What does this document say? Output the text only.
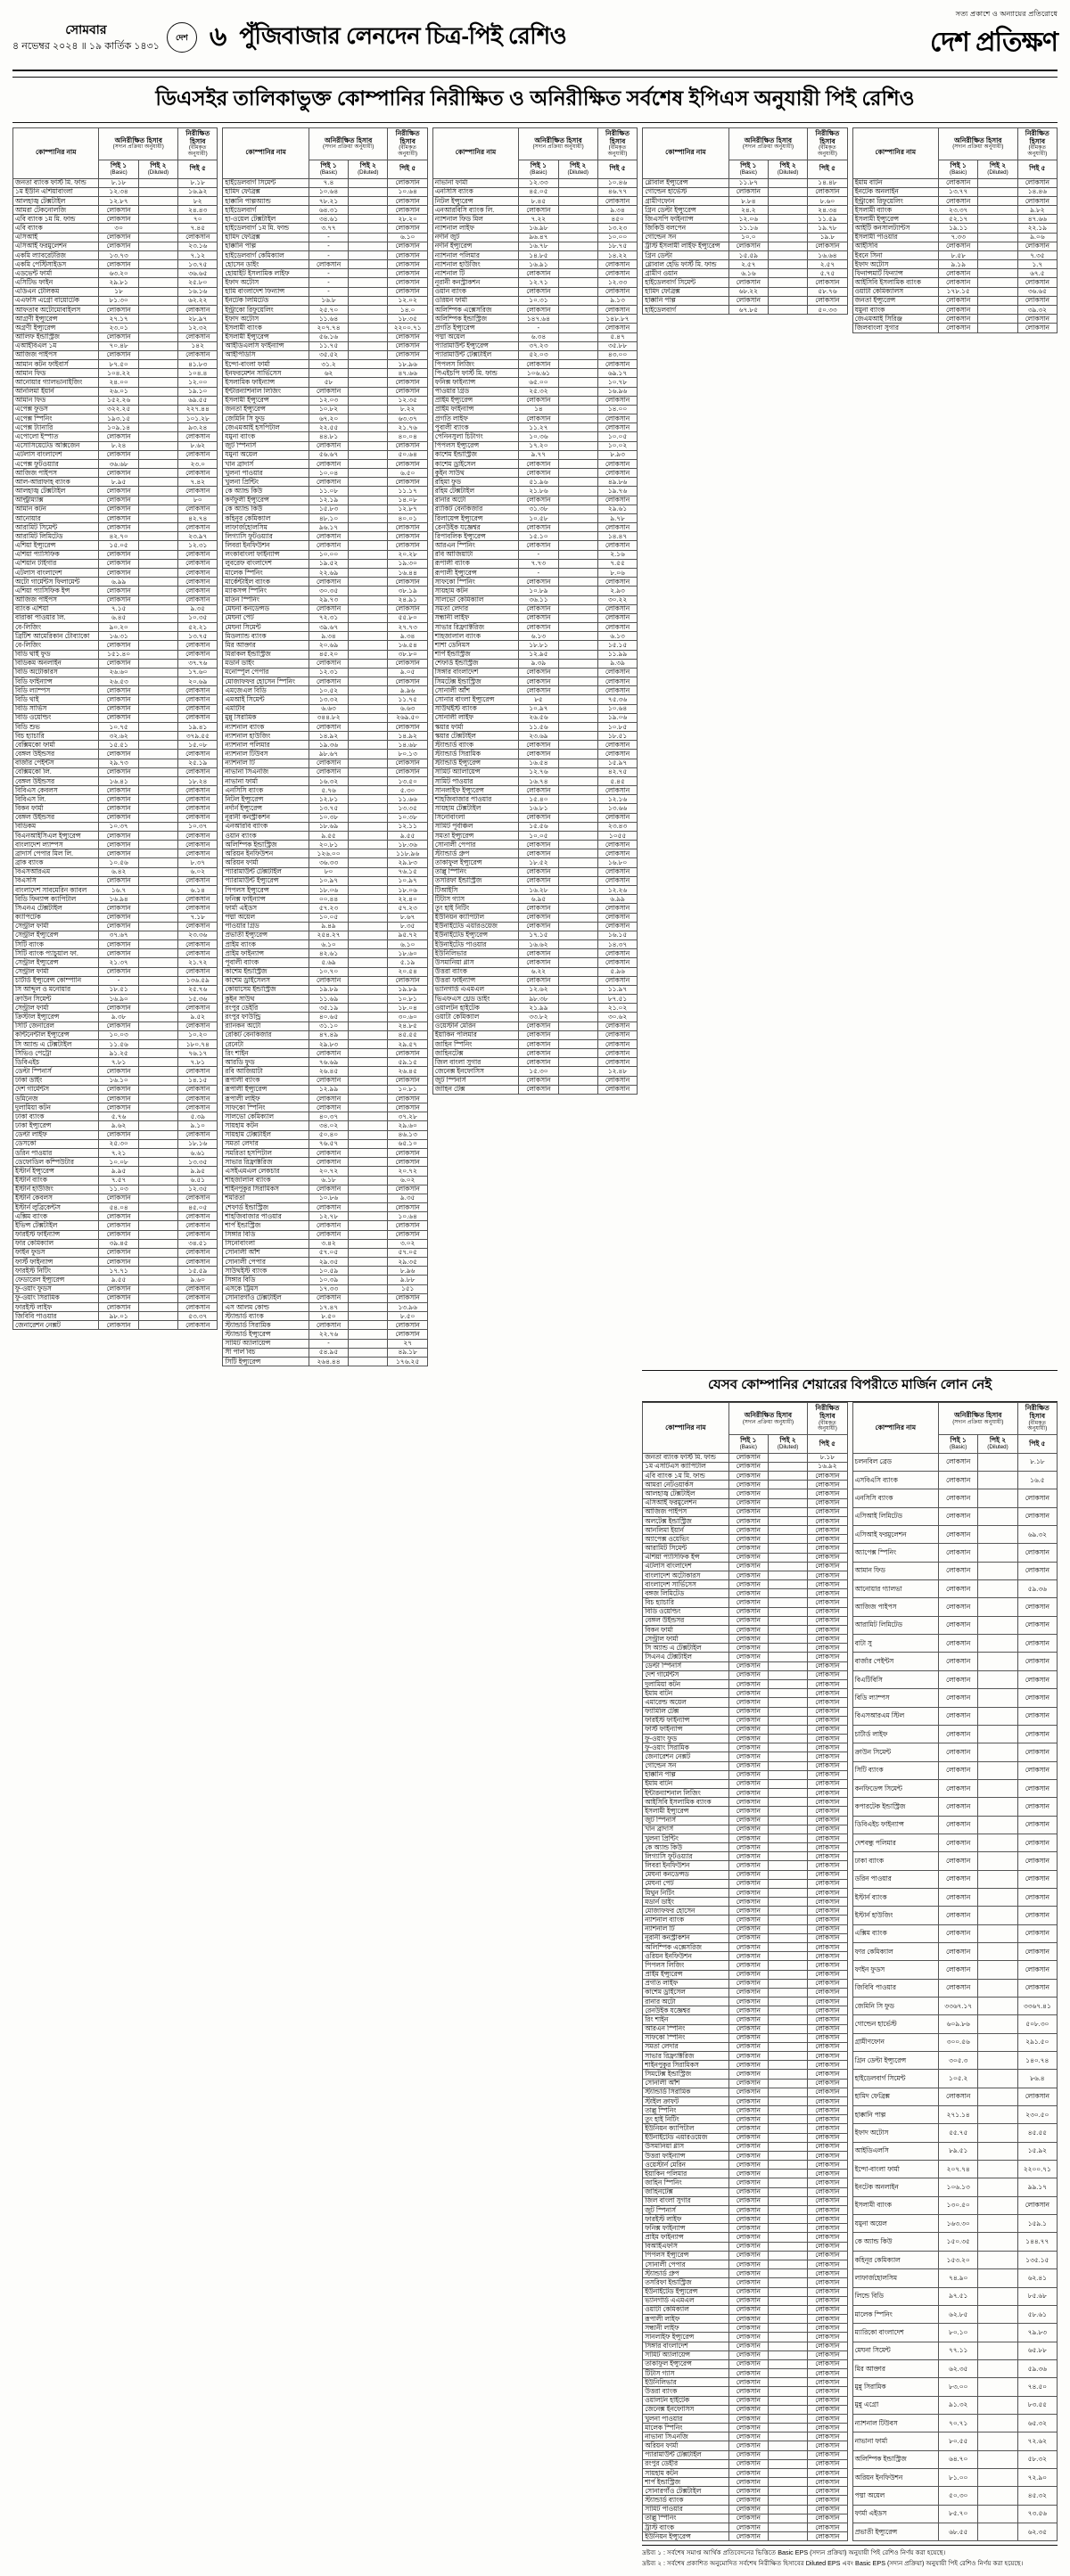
সোমবার
৪ নভেম্বর ২০২৪ ॥ ১৯ কার্তিক ১৪৩১
দেশ ৬ পুঁজিবাজার লেনদেন চিত্র-পিই রেশিও
সত্য প্রকাশে ও অন্যায়ের প্রতিরোধে
দেশ প্রতিক্ষণ
ডিএসইর তালিকাভুক্ত কোম্পানির নিরীক্ষিত ও অনিরীক্ষিত সর্বশেষ ইপিএস অনুযায়ী পিই রেশিও
কোম্পানির নাম	অনিরীক্ষিত হিসাব
(সদ্যন প্রক্রিয়া অনুযায়ী)		নিরীক্ষিত হিসাব
(বীমকৃত অনুযায়ী)

	পিই ১
(Basic)	পিই ২
(Diluted)	পিই ৫
জনতা ব্যাংক ফার্স্ট মি. ফান্ড	৮.১৮		৮.১৮
১ম ইউনি এশিয়াবাংলা	১২.৩৪		১৬.৯২
আলহাজ্ব টেক্সটাইল	১২.৮৭		৮২
আমরা টেকনোলজি	লোকসান		২৪.৪৩
এবি ব্যাংক ১ম মি. ফান্ড	লোকসান		৭০
এবি ব্যাংক	৩০		৭.৪৫
এসিআই	লোকসান		লোকসান
এসিআই ফরমুলেশন	লোকসান		২৩.১৬
একমি ল্যাবরেটরিজ	১৩.৭৩		৭.১২
একমি পেস্টিসাইডস	লোকসান		১৩.৭৫
এডভেন্ট ফার্মা	৬৩.২০		৩৬.৬৫
এসিটিভ ফাইন	২৯.৮১		২৫.৮০
এডিএন টেলিকম	১৮		১৬.১৬
এএফসি এগ্রো বায়োটেক	৮১.৩০		৬২.২২
আফতাব অটোমোবাইলস	লোকসান		লোকসান
আগ্রণী ইন্স্যুরেন্স	২৭.১৭		২৮.৯৭
অগ্রণী ইন্স্যুরেন্স	২৩.০১		১২.৩২
আলিফ ইন্ডাস্ট্রিজ	লোকসান		লোকসান
এআইবিএল ১ম	৭০.৪৮		১৪২
আজিজ পাইপস	লোকসান		লোকসান
আমান কটন ফাইবার্স	৮৭.৫০		৪১.৮৩
আমান ফিড	১০৪.২২		১০৪.৪
আনোয়ার গ্যালভানাইজিং	২৪.০০		১২.০০
আনলিমা ইয়ার্ন	২৬.০১		১৯.১০
আমান ফিড	১৫২.২৬		৬৯.৫৫
এপেক্স ফুডস	৩২২.২৫		২২৭.৪৪
এপেক্স স্পিনিং	১৯৩.১৫		১০১.২৮
এপেক্স ট্যানারি	১০৯.১৪		৯৩.২৪
এপোলো ইস্পাত	লোকসান		লোকসান
এসোসিয়েটেড অক্সিজেন	৮.২৪		৮.৬২
এটলাস বাংলাদেশ	লোকসান		লোকসান
এপেক্স ফুটওয়্যার	৩৬.৬৮		২৩.০
আজিজ পাইপস	লোকসান		লোকসান
আল-আরাফাহ ব্যাংক	৮.৯৫		৭.৪২
আলহাজ্ব টেক্সটাইল	লোকসান		লোকসান
আল্ট্রাম্যাক্স	লোকসান		৮০
আমান কটন	লোকসান		লোকসান
আনোয়ার	লোকসান		৪২.৭৪
আরামিট সিমেন্ট	লোকসান		লোকসান
আরামিট লিমিটেড	৪২.৭০		২৩.৯৭
এশিয়া ইন্স্যুরেন্স	১৫.০৫		১২.৩১
এশিয়া প্যাসিফিক	লোকসান		লোকসান
এশিয়ান টাইগার	লোকসান		লোকসান
এটলাস বাংলাদেশ	লোকসান		লোকসান
অটো গার্মেন্টস ফিলামেন্ট	৬.৯৯		লোকসান
এশিয়া প্যাসিফিক ইন্স	লোকসান		লোকসান
আজিজ পাইপস	লোকসান		লোকসান
ব্যাংক এশিয়া	৭.১৫		৯.৩৫
বারাকা পাওয়ার লি.	৬.৪৫		১০.৩৫
বে-লিজিং	৯০.২০		৫২.২১
ব্রিটিশ আমেরিকান টোব্যাকো	১৬.৩১		১৩.৭৫
বে-লিজিং	লোকসান		লোকসান
বিডি থাই ফুড	১৫১.৪০		লোকসান
বিডিকম অনলাইন	লোকসান		৩৭.৭৬
বিডি অটোকারস	২৬.৬০		১৭.৬০
বিডি ফাইন্যান্স	২৬.৫৩		২০.৬৯
বিডি ল্যাম্পস	লোকসান		লোকসান
বিডি থাই	লোকসান		লোকসান
বিডি সার্ভিস	লোকসান		লোকসান
বিডি ওয়েল্ডিং	লোকসান		লোকসান
বিডি শুভ	১০.৭৫		১৯.৪১
বিচ হ্যাচারি	৩২.৬২		৩৭৯.৫৫
বেক্সিমকো ফার্মা	১৫.৫১		১৫.০৮
বেঙ্গল উইন্ডসর	লোকসান		লোকসান
বার্জার পেইন্টস	২৯.৭৩		২৫.১৯
বেক্সিমকো লি.	লোকসান		লোকসান
বেঙ্গল উইন্ডসর	১৬.৪১		১৮.২৪
বিবিএস কেবলস	লোকসান		লোকসান
বিবিএস লি.	লোকসান		লোকসান
বিকন ফার্মা	লোকসান		লোকসান
বেঙ্গল উইন্ডসর	লোকসান		লোকসান
বিডিকম	১০.৩৭		১০.৩৭
বিএনআইসিএল ইন্স্যুরেন্স	লোকসান		লোকসান
বাংলাদেশ ল্যাম্পস	লোকসান		লোকসান
ব্রাদার্স পেপার মিল লি.	লোকসান		লোকসান
ব্রাক ব্যাংক	১০.৫৬		৮.৩৭
বিএসআরএম	৬.৪২		৬.০২
বিএসসি	লোকসান		লোকসান
বাংলাদেশ সাবমেরিন ক্যাবল	১৬.৭		৬.১৪
বিডি ফিন্যান্স ক্যাপিটাল	১৬.৯৪		লোকসান
সিএনএ টেক্সটাইল	লোকসান		লোকসান
ক্যাপিটেক	লোকসান		৭.১৮
সেন্ট্রাল ফার্মা	লোকসান		লোকসান
সেন্ট্রাল ইন্স্যুরেন্স	৩৭.৬৭		২৩.৩৬
সিটি ব্যাংক	লোকসান		লোকসান
সিটি ব্যাংক প্যাচুয়াল ফা.	লোকসান		লোকসান
সেন্ট্রাল ইন্স্যুরেন্স	২১.৩৭		২১.৭২
সেন্ট্রাল ফার্মা	লোকসান		লোকসান
চার্টার্ড ইন্স্যুরেন্স কোম্পানি	-		১৩৬.৫৯
সি আব্দুল ও মনোয়ার	১৮.৫১		২৫.৭৬
ক্রাউন সিমেন্ট	১৬.৯০		১৫.৩৬
সেন্ট্রাল ফার্মা	লোকসান		লোকসান
ক্রিস্টাল ইন্স্যুরেন্স	৯.৩৮		৯.৫২
সিটি জেনারেল	লোকসান		লোকসান
কন্টিনেন্টাল ইন্স্যুরেন্স	১০.০৩		১০.২০
সি অ্যান্ড এ টেক্সটাইল	১১.৫৬		১৮০.৭৪
সিভিও পেট্রো	৯১.২৫		৭৬.১৭
ডিবিএইচ	৭.৮১		৭.৮১
ডেল্টা স্পিনার্স	লোকসান		লোকসান
ঢাকা ডাইং	১৬.১০		১৪.১৫
দেশ গার্মেন্টস	লোকসান		লোকসান
ডমিনেজ	লোকসান		লোকসান
দুলামিয়া কটন	লোকসান		লোকসান
ঢাকা ব্যাংক	৫.৭৬		৫.৩৯
ঢাকা ইন্স্যুরেন্স	৯.৬২		৯.১০
ডেল্টা লাইফ	লোকসান		লোকসান
ডেসকো	২৫.৩০		১৮.১৬
ডরিন পাওয়ার	৭.২১		৬.৬১
ডেফোডিল কম্পিউটার	১০.০৮		১৩.৩৫
ইস্টার্ন ইন্স্যুরেন্স	৯.৯৫		৯.৯৫
ইস্টার্ন ব্যাংক	৭.৫৭		৬.৫১
ইস্টার্ন হাউজিং	১১.০৩		১২.৩৫
ইস্টার্ন কেবলস	লোকসান		লোকসান
ইস্টার্ন লুব্রিকেন্টস	৫৪.০৪		৪৫.০৫
এক্সিম ব্যাংক	লোকসান		লোকসান
ইভিন্স টেক্সটাইল	লোকসান		লোকসান
ফারইস্ট ফাইন্যান্স	লোকসান		লোকসান
ফার কেমিক্যাল	৩৯.৪৫		৩৪.৫১
ফাইন ফুডস	লোকসান		লোকসান
ফার্স্ট ফাইন্যান্স	লোকসান		লোকসান
ফারইস্ট নিটিং	১৭.৭১		১৫.৫৯
ফেডারেল ইন্স্যুরেন্স	৯.৫৫		৯.৬০
ফু-ওয়াং ফুডস	লোকসান		লোকসান
ফু-ওয়াং সিরামিক	লোকসান		লোকসান
ফারইস্ট লাইফ	লোকসান		লোকসান
জিবিবি পাওয়ার	৯৮.০১		৫৩.৩৭
জেনারেশন নেক্সট	লোকসান		লোকসান
কোম্পানির নাম	অনিরীক্ষিত হিসাব
(সদ্যন প্রক্রিয়া অনুযায়ী)		নিরীক্ষিত হিসাব
(বীমকৃত অনুযায়ী)

	পিই ১
(Basic)	পিই ২
(Diluted)	পিই ৫
হাইডেলবার্গ সিমেন্ট	৭.৪		লোকসান
হামিদ ফেব্রিক্স	১০.৬৪		১০.৬৪
হাক্কানি পাল্পঅ্যান্ড	৭৮.২১		লোকসান
হাইডেলবার্গ	৬৪.৩১		লোকসান
হা-ওয়েল টেক্সটাইল	৩৪.৬১		২৮.২০
হাইডেলবার্গ ১ম মি. ফান্ড	৩.৭৭		লোকসান
হামিদ ফেব্রিক্স	-		৬.১০
হাক্কানি পাল্প	-		লোকসান
হাইডেলবার্গ কেমিক্যাল	-		লোকসান
হোসেন ডাইং	লোকসান		লোকসান
হোয়াইট ইসলামিক লাইফ	-		লোকসান
ইফাদ অটোস	-		লোকসান
হামি বাংলাদেশ ফিন্যান্স	-		লোকসান
ইনটেক লিমিটেড	১৬.৮		১২.০২
ইন্ট্রাকো রিফুয়েলিং	২৫.৭০		১৪.০
ইফাদ অটোস	১১.৬৪		১৮.৩৫
ইসলামী ব্যাংক	২০৭.৭৪		২২০০.৭১
ইসলামী ইন্স্যুরেন্স	৫৬.১৬		লোকসান
আইডিএলসি ফাইন্যান্স	১১.৭৫		লোকসান
আইপিডিসি	৩৫.৫২		লোকসান
ইন্দো-বাংলা ফার্মা	৩১.২		১৮.৯৬
ইনফরমেশন সার্ভিসেস	৬২		৪৭.৬৬
ইসলামিক ফাইন্যান্স	৫৮		লোকসান
ইন্টারন্যাশনাল লিজিং	লোকসান		লোকসান
ইসলামী ইন্স্যুরেন্স	১২.০৩		১২.৩৫
জনতা ইন্স্যুরেন্স	১০.৮২		৮.২২
জেমিনি সি ফুড	৬৭.২০		৬৩.৩৭
জেএমআই হসপিটাল	২২.৫৫		২১.৭৬
যমুনা ব্যাংক	৪৪.৮১		৪০.০৪
জুট স্পিনার্স	লোকসান		লোকসান
যমুনা অয়েল	৫৬.৬৭		৫০.৬৪
খান ব্রাদার্স	লোকসান		লোকসান
খুলনা পাওয়ার	১০.০৪		৬.৫০
খুলনা প্রিন্টিং	লোকসান		লোকসান
কে অ্যান্ড কিউ	১১.০৮		১১.১৭
কর্ণফুলী ইন্স্যুরেন্স	১২.১৯		১৪.০৮
কে অ্যান্ড কিউ	১৫.৮৩		১২.৮৭
কহিনূর কেমিক্যাল	৪৮.১০		৪০.০১
লাফার্জহোলসিম	৯৬.১৭		লোকসান
লিগ্যাসি ফুটওয়্যার	লোকসান		লোকসান
লিবরা ইনফিউশন	লোকসান		লোকসান
লংকাবাংলা ফাইন্যান্স	১০.০০		২০.২৮
লুবরেফ বাংলাদেশ	১৯.৫২		১৯.৩০
মালেক স্পিনিং	২২.৬৯		১৬.৪৪
মার্কেন্টাইল ব্যাংক	লোকসান		লোকসান
ম্যাকসন্স স্পিনিং	৩০.৩৫		৩৮.১৯
মতিন স্পিনিং	২৯.৭৩		২৪.৯১
মেঘনা কনডেন্সড	লোকসান		লোকসান
মেঘনা পেট	৭২.৩১		৫৫.৮০
মেঘনা সিমেন্ট	৩৯.৬৭		২৭.৭৩
মিডল্যান্ড ব্যাংক	৯.৩৪		৯.৩৪
মির আক্তার	২০.৬৯		১৬.৫৪
মিরাকল ইন্ডাস্ট্রিজ	৪৫.২০		৩৮.৮০
মডার্ন ডাইং	লোকসান		লোকসান
মনোস্পুল পেপার	১২.৩১		৯.০৫
মোজাফফর হোসেন স্পিনিং	লোকসান		লোকসান
এমজেএল বিডি	১০.৫২		৯.৯৬
এমআই সিমেন্ট	১৩.৩২		১১.৭৫
এমটিবি	৬.৬৩		৬.৬৩
মুন্নু সিরামিক	৩৪৪.৮২		২৬৯.৫০
ন্যাশনাল ব্যাংক	লোকসান		লোকসান
ন্যাশনাল হাউজিং	১৪.৯২		১৪.৯২
ন্যাশনাল পলিমার	১৯.৩৬		১৪.৬৮
ন্যাশনাল টিউবস	৯৮.৬৭		৮০.১৩
ন্যাশনাল টি	লোকসান		লোকসান
নাভানা সিএনজি	লোকসান		লোকসান
নাভানা ফার্মা	১৬.৩২		১৩.৫০
এনসিসি ব্যাংক	৫.৭৬		৫.৩০
নিটল ইন্স্যুরেন্স	১২.৮১		১১.৬৬
নর্দার্ন ইন্স্যুরেন্স	১৩.৭৫		১৩.৩৫
নূরানী কনস্ট্রাকশন	১০.৩৮		১০.৩৮
এনআরবি ব্যাংক	১৮.৬৯		১২.১১
ওয়ান ব্যাংক	৯.৫৫		৯.৫৫
অলিম্পিক ইন্ডাস্ট্রিজ	২০.৮১		১৮.৩৬
অরিয়ন ইনফিউশন	১২৬.০০		১১৮.৯৬
অরিয়ন ফার্মা	৩৬.৩৩		২৯.৮৩
প্যারামাউন্ট টেক্সটাইল	৮০		৭৬.১৫
প্যারামাউন্ট ইন্স্যুরেন্স	১০.৯৭		১০.৯৭
পিপলস ইন্স্যুরেন্স	১৮.০৬		১৮.০৬
ফনিক্স ফাইন্যান্স	০০.৪৪		২২.৪০
ফার্মা এইডস	৫৭.২৩		৫৭.২৩
পদ্মা অয়েল	১০.০৫		৮.৬৭
পাওয়ার গ্রিড	৯.৪৯		৮.৩৫
প্রভাতী ইন্স্যুরেন্স	২৫৪.২৭		৯৫.৭২
প্রাইম ব্যাংক	৬.১০		৬.১০
প্রাইম ফাইন্যান্স	৪২.৬১		১৮.৬০
পূবালী ব্যাংক	৫.৬৯		৫.১৯
কাশেম ইন্ডাস্ট্রিজ	১০.৭০		২০.৫৪
কাশেম ড্রাইসেলস	লোকসান		লোকসান
কোয়াসেম ইন্ডাস্ট্রিজ	১৯.৮৯		১৯.৮৯
কুইন সাউথ	১১.৬৯		১০.৮১
রংপুর ডেইরি	৩৫.১৯		১৮.০৪
রংপুর ফাউন্ড্রি	৪০.৬৫		৩০.৬০
র‍্যানকন অটো	৩১.১০		২৪.৮৫
রেকিট বেনকিজার	৪৭.৪৯		৪৫.৫৫
রেনেটা	২৯.৮৩		২৯.৫৭
রিং শাইন	লোকসান		লোকসান
আরডি ফুড	৭৬.৬৯		৫৯.১৫
রবি আজিয়াটা	২৬.৪৫		২৬.৪৫
রূপালী ব্যাংক	লোকসান		লোকসান
রূপালী ইন্স্যুরেন্স	১২.৯৯		১০.৮১
রূপালী লাইফ	লোকসান		লোকসান
সাফকো স্পিনিং	লোকসান		লোকসান
সালভো কেমিক্যাল	৪০.৩৭		৩৭.২৮
সায়হাম কটন	৩৪.০২		২৯.৬০
সায়হাম টেক্সটাইল	৫০.৪০		৪৬.১৩
সমতা লেদার	৭৬.৫৭		৬৫.১০
সমরিতা হসপিটাল	লোকসান		লোকসান
সাভার রিফ্রাক্টরিজ	লোকসান		লোকসান
এসইএমএল লেকচার	২০.৭২		২০.৭২
শাহজালাল ব্যাংক	৬.১৮		৬.০২
শাইনপুকুর সিরামিকস	লোকসান		লোকসান
শমরিতা	১০.৮৬		৯.৩৫
শেফার্ড ইন্ডাস্ট্রিজ	লোকসান		লোকসান
শাহজিবাজার পাওয়ার	১২.৭৮		১০.৬৪
শার্প ইন্ডাস্ট্রিজ	লোকসান		লোকসান
সিঙ্গার বিডি	লোকসান		লোকসান
সিনোবাংলা	৩.৪২		৩.০২
সোনালী আঁশ	৫৭.০৫		৫৭.০৫
সোনালী পেপার	২৯.৩৫		২৯.৩৫
সাউথইস্ট ব্যাংক	১০.৫৯		৮.৯৬
সিঙ্গার বিডি	১০.৩৯		৯.৮৮
এসকে ট্রিমস	১৭.৩৩		১৫১
সোনারগাঁও টেক্সটাইল	লোকসান		লোকসান
এস আলম কোল্ড	১৭.৪৭		১৩.৯৬
স্ট্যান্ডার্ড ব্যাংক	৮.৫০		৮.৫০
স্ট্যান্ডার্ড সিরামিক	লোকসান		লোকসান
স্ট্যান্ডার্ড ইন্স্যুরেন্স	২২.৭৬		লোকসান
সামিট অ্যালায়েন্স	-		২৭
সী পার্ল বিচ	৫৪.৯৫		৪৯.১৮
সিটি ইন্স্যুরেন্স	২৬৪.৪৪		১৭৬.২৫
কোম্পানির নাম	অনিরীক্ষিত হিসাব
(সদ্যন প্রক্রিয়া অনুযায়ী)		নিরীক্ষিত হিসাব
(বীমকৃত অনুযায়ী)

	পিই ১
(Basic)	পিই ২
(Diluted)	পিই ৫
নাভানা ফার্মা	১২.৩৩		১০.৪৬
এনসিসি ব্যাংক	৪৫.০৫		৪৬.৭৭
নিটল ইন্স্যুরেন্স	৮.৪৫		লোকসান
এনআরবিসি ব্যাংক লি.	লোকসান		৯.৩৪
ন্যাশনাল ফিড মিল	৭.২২		৪৫০
ন্যাশনাল লাইফ	১৬.৯৮		১৩.২৩
নর্দার্ন জুট	৯৬.৪৭		১০.০০
নর্দার্ন ইন্স্যুরেন্স	১৬.৭৮		১৮.৭৫
ন্যাশনাল পলিমার	১৪.৮৫		১৪.২২
ন্যাশনাল হাউজিং	১৬.৯১		লোকসান
ন্যাশনাল টি	লোকসান		লোকসান
নূরানী কনস্ট্রাকশন	১২.৭১		১২.৩৩
ওয়ান ব্যাংক	লোকসান		লোকসান
ওরিয়ন ফার্মা	১০.৩১		৯.১৩
অলিম্পিক এক্সেসরিজ	লোকসান		লোকসান
অলিম্পিক ইন্ডাস্ট্রিজ	১৪৭.৬৪		১৪৮.৮৭
প্রগতি ইন্স্যুরেন্স	-		লোকসান
পদ্মা অয়েল	৬.৩৪		৫.৪৭
প্যারামাউন্ট ইন্স্যুরেন্স	৩৭.২৩		৩৫.৮৮
প্যারামাউন্ট টেক্সটাইল	৫২.০৩		৪৩.০০
পিপলস লিজিং	লোকসান		লোকসান
পিএইচপি ফার্স্ট মি. ফান্ড	১০৬.৬১		৬৯.১৭
ফনিক্স ফাইন্যান্স	৬৫.০০		১০.৭৮
পাওয়ার গ্রিড	২৫.৩২		১৬.৯৬
প্রাইম ইন্স্যুরেন্স	লোকসান		লোকসান
প্রাইম ফাইন্যান্স	১৪		১৪.০০
প্রগতি লাইফ	লোকসান		লোকসান
পূবালী ব্যাংক	১১.২৭		লোকসান
পেনিনসুলা চিটাগং	১০.৩৬		১০.০৫
পিপলস ইন্স্যুরেন্স	১৭.২০		১০.০২
কাশেম ইন্ডাস্ট্রিজ	৯.৭৭		৮.৯৩
কাশেম ড্রাইসেল	লোকসান		লোকসান
কুইন সাউথ	লোকসান		লোকসান
রহিমা ফুড	৫১.৯৬		৪৯.৮৬
রহিম টেক্সটাইল	২১.৮৬		১৯.৭৬
রানার অটো	লোকসান		লোকসান
র‍্যাকিট বেনকিজার	৩১.৩৮		২৯.৬১
রিলায়েন্স ইন্স্যুরেন্স	১০.৫৮		৯.৭৮
রেনউইক যজ্ঞেশ্বর	লোকসান		লোকসান
রিপাবলিক ইন্স্যুরেন্স	১৫.১০		১৪.৪৭
আরএন স্পিনিং	লোকসান		লোকসান
রবি আজিয়াটা	-		২.১৬
রূপালী ব্যাংক	৭.৭৩		৭.৫৫
রূপালী ইন্স্যুরেন্স	-		৮.০৬
সাফকো স্পিনিং	লোকসান		লোকসান
সায়হাম কটন	১০.৮৯		২.৯৩
সালভো কেমিক্যাল	৩৬.১১		৩০.২২
সমতা লেদার	লোকসান		লোকসান
সন্ধানী লাইফ	লোকসান		লোকসান
সাভার রিফ্র্যাক্টরিজ	লোকসান		লোকসান
শাহজালাল ব্যাংক	৬.১৩		৬.১৩
শাশা ডেনিমস	১৮.৮১		১৫.১৫
শার্প ইন্ডাস্ট্রিজ	১২.৯৫		১১.৯৯
শেফার্ড ইন্ডাস্ট্রিজ	৯.৩৯		৯.৩৯
সিঙ্গার বাংলাদেশ	লোকসান		লোকসান
সিমটেক্স ইন্ডাস্ট্রিজ	লোকসান		লোকসান
সোনালী আঁশ	লোকসান		লোকসান
সোনার বাংলা ইন্স্যুরেন্স	৮৫		৭৫.৩৬
সাউথইস্ট ব্যাংক	১০.৯৭		১০.৬৪
সোনালী লাইফ	২৬.৫৬		১৯.০৬
স্কয়ার ফার্মা	১১.৫৬		১০.৮৫
স্কয়ার টেক্সটাইল	২৩.৬৯		১৮.৫১
স্ট্যান্ডার্ড ব্যাংক	লোকসান		লোকসান
স্ট্যান্ডার্ড সিরামিক	লোকসান		লোকসান
স্ট্যান্ডার্ড ইন্স্যুরেন্স	১৬.৫৪		১৫.৯৭
সামিট অ্যালায়েন্স	১২.৭৬		৪২.৭৫
সামিট পাওয়ার	১৬.৭৪		৫.৪৫
সানলাইফ ইন্স্যুরেন্স	লোকসান		লোকসান
শাহজিবাজার পাওয়ার	১৫.৪০		১২.১৬
সায়হাম টেক্সটাইল	১৬.৮১		১৩.৬৬
সিনোবাংলা	লোকসান		লোকসান
সামিট পূর্বাঞ্চল	১৫.৫৬		২৩.৪৩
সমতা ইন্স্যুরেন্স	১০.০৫		১০৫৫
সোনালী পেপার	লোকসান		লোকসান
স্ট্যান্ডার্ড গ্রুপ	লোকসান		লোকসান
তাকাফুল ইন্স্যুরেন্স	১৮.৫২		১৬.৮০
তাল্লু স্পিনিং	লোকসান		লোকসান
তসরিফা ইন্ডাস্ট্রিজ	লোকসান		লোকসান
টিআইসি	১৬.২৮		১২.২৬
টিটাস গ্যাস	৬.৯৫		৬.৯৯
তুং হাই নিটিং	লোকসান		লোকসান
ইউনিয়ন ক্যাপিটাল	লোকসান		লোকসান
ইউনাইটেড এয়ারওয়েজ	লোকসান		লোকসান
ইউনাইটেড ইন্স্যুরেন্স	১৭.১৫		১৬.১৫
ইউনাইটেড পাওয়ার	১৬.৬২		১৪.৩৭
ইউনিলিভার	লোকসান		লোকসান
উসমানিয়া গ্লাস	লোকসান		লোকসান
উত্তরা ব্যাংক	৬.২২		৫.৯৬
উত্তরা ফাইন্যান্স	লোকসান		লোকসান
ভ্যানগার্ড এএমএল	১২.৬২		১১.৯৭
ভিএফএস থ্রেড ডাইং	৯৮.৩৮		৮৭.৫১
ওয়ালটন হাইটেক	২১.৯৯		২১.০২
ওয়াটা কেমিক্যাল	৩৩.৮২		৩০.৬২
ওয়েস্টার্ন মেরিন	লোকসান		লোকসান
ইয়াকিন পলিমার	লোকসান		লোকসান
জাহিন স্পিনিং	লোকসান		লোকসান
জাহিনটেক্স	লোকসান		লোকসান
জিল বাংলা সুগার	লোকসান		লোকসান
জেনেক্স ইনফোসিস	১৫.৩০		১২.৪৮
জুট স্পিনার্স	লোকসান		লোকসান
জাহিন টেক্স	লোকসান		লোকসান
কোম্পানির নাম	অনিরীক্ষিত হিসাব
(সদ্যন প্রক্রিয়া অনুযায়ী)		নিরীক্ষিত হিসাব
(বীমকৃত অনুযায়ী)

	পিই ১
(Basic)	পিই ২
(Diluted)	পিই ৫
গ্লোবাল ইন্স্যুরেন্স	১১.৮৭		১৪.৪৮
গোল্ডেন হার্ভেস্ট	লোকসান		লোকসান
গ্রামীণফোন	৮.৮৪		৮.৬০
গ্রিন ডেল্টা ইন্স্যুরেন্স	২৪.২		২৪.৩৪
জিএসপি ফাইন্যান্স	১২.০৬		১১.৫৯
জিকিউ বলপেন	১১.১৬		১৯.৭৮
গোল্ডেন সন	১০.০		১৯.৮
ট্রাস্ট ইসলামী লাইফ ইন্স্যুরেন্স	লোকসান		লোকসান
গ্রিন ডেল্টা	১৫.৫৯		১৬.৬৪
গ্লোবাল হেভি ফার্স্ট মি. ফান্ড	২.৫৭		২.৫৭
গ্রামীণ ওয়ান	৬.১৬		৫.৭৫
হাইডেলবার্গ সিমেন্ট	লোকসান		লোকসান
হামিদ ফেব্রিক্স	৬৮.২২		৫৮.৭৬
হাক্কানি পাল্প	লোকসান		লোকসান
হাইডেলবার্গ	৬৭.৮৫		৫০.৩৩
কোম্পানির নাম	অনিরীক্ষিত হিসাব
(সদ্যন প্রক্রিয়া অনুযায়ী)		নিরীক্ষিত হিসাব
(বীমকৃত অনুযায়ী)

	পিই ১
(Basic)	পিই ২
(Diluted)	পিই ৫
ইমাম বাটন	লোকসান		লোকসান
ইনটেক অনলাইন	১৩.৭৭		১৪.৪৬
ইন্ট্রাকো রিফুয়েলিং	লোকসান		লোকসান
ইসলামী ব্যাংক	২৩.৩৭		৯.৮২
ইসলামী ইন্স্যুরেন্স	৫২.১৭		৪৭.৬৬
আইটি কনসালট্যান্টস	১৯.১১		২২.১৯
ইসলামী পাওয়ার	৭.৩৩		৯.০৬
আইসিবি	লোকসান		লোকসান
ইবনে সিনা	৮.৫৮		৭.৩৫
ইফাদ অটোস	৯.১৯		১.৭
ফিনান্সমার্ট ফিন্যান্স	লোকসান		৬৭.৫
আইসিবি ইসলামিক ব্যাংক	লোকসান		লোকসান
ওয়াটা কেমিক্যালস	১৭৮.১৫		৩৬.৬৫
জনতা ইন্স্যুরেন্স	লোকসান		লোকসান
যমুনা ব্যাংক	লোকসান		৩৯.৩২
জেএমআই সিরিঞ্জ	লোকসান		লোকসান
জিলবাংলা সুগার	লোকসান		লোকসান
যেসব কোম্পানির শেয়ারের বিপরীতে মার্জিন লোন নেই
কোম্পানির নাম	অনিরীক্ষিত হিসাব
(সদ্যন প্রক্রিয়া অনুযায়ী)		নিরীক্ষিত হিসাব
(বীমকৃত অনুযায়ী)

	পিই ১
(Basic)	পিই ২
(Diluted)	পিই ৫
জনতা ব্যাংক ফার্স্ট মি. ফান্ড	লোকসান		৮.১৮
১ম এসটিএস ক্যাপিটাল	লোকসান		১৬.৯২
এবি ব্যাংক ১ম মি. ফান্ড	লোকসান		লোকসান
আমরা নেটওয়ার্কস	লোকসান		লোকসান
আলহাজ্ব টেক্সটাইল	লোকসান		লোকসান
এসিআই ফরমুলেশন	লোকসান		লোকসান
আজিজ পাইপস	লোকসান		লোকসান
অলটেক্স ইন্ডাস্ট্রিজ	লোকসান		লোকসান
আনলিমা ইয়ার্ন	লোকসান		লোকসান
অ্যাপেক্স ওয়েভিং	লোকসান		লোকসান
আরামিট সিমেন্ট	লোকসান		লোকসান
এশিয়া প্যাসিফিক ইন্স	লোকসান		লোকসান
এটলাস বাংলাদেশ	লোকসান		লোকসান
বাংলাদেশ অটোকারস	লোকসান		লোকসান
বাংলাদেশ সার্ভিসেস	লোকসান		লোকসান
বঙ্গজ লিমিটেড	লোকসান		লোকসান
বিচ হ্যাচারি	লোকসান		লোকসান
বিডি ওয়েল্ডিং	লোকসান		লোকসান
বেঙ্গল উইন্ডসর	লোকসান		লোকসান
বিকন ফার্মা	লোকসান		লোকসান
সেন্ট্রাল ফার্মা	লোকসান		লোকসান
সি অ্যান্ড এ টেক্সটাইল	লোকসান		লোকসান
সিএনএ টেক্সটাইল	লোকসান		লোকসান
ডেল্টা স্পিনার্স	লোকসান		লোকসান
দেশ গার্মেন্টস	লোকসান		লোকসান
দুলামিয়া কটন	লোকসান		লোকসান
ইমাম বাটন	লোকসান		লোকসান
এমারেল্ড অয়েল	লোকসান		লোকসান
ফ্যামিলি টেক্স	লোকসান		লোকসান
ফারইস্ট ফাইন্যান্স	লোকসান		লোকসান
ফার্স্ট ফাইন্যান্স	লোকসান		লোকসান
ফু-ওয়াং ফুড	লোকসান		লোকসান
ফু-ওয়াং সিরামিক	লোকসান		লোকসান
জেনারেশন নেক্সট	লোকসান		লোকসান
গোল্ডেন সন	লোকসান		লোকসান
হাক্কানি পাল্প	লোকসান		লোকসান
ইমাম বাটন	লোকসান		লোকসান
ইন্টারন্যাশনাল লিজিং	লোকসান		লোকসান
আইসিবি ইসলামিক ব্যাংক	লোকসান		লোকসান
ইসলামী ইন্স্যুরেন্স	লোকসান		লোকসান
জুট স্পিনার্স	লোকসান		লোকসান
খান ব্রাদার্স	লোকসান		লোকসান
খুলনা প্রিন্টিং	লোকসান		লোকসান
কে অ্যান্ড কিউ	লোকসান		লোকসান
লিগ্যাসি ফুটওয়্যার	লোকসান		লোকসান
লিবরা ইনফিউশন	লোকসান		লোকসান
মেঘনা কনডেন্সড	লোকসান		লোকসান
মেঘনা পেট	লোকসান		লোকসান
মিথুন নিটিং	লোকসান		লোকসান
মডার্ন ডাইং	লোকসান		লোকসান
মোজাফফর হোসেন	লোকসান		লোকসান
ন্যাশনাল ব্যাংক	লোকসান		লোকসান
ন্যাশনাল টি	লোকসান		লোকসান
নূরানী কনস্ট্রাকশন	লোকসান		লোকসান
অলিম্পিক এক্সেসরিজ	লোকসান		লোকসান
ওরিয়ন ইনফিউশন	লোকসান		লোকসান
পিপলস লিজিং	লোকসান		লোকসান
প্রাইম ইন্স্যুরেন্স	লোকসান		লোকসান
প্রগতি লাইফ	লোকসান		লোকসান
কাশেম ড্রাইসেল	লোকসান		লোকসান
রানার অটো	লোকসান		লোকসান
রেনউইক যজ্ঞেশ্বর	লোকসান		লোকসান
রিং শাইন	লোকসান		লোকসান
আরএন স্পিনিং	লোকসান		লোকসান
সাফকো স্পিনিং	লোকসান		লোকসান
সমতা লেদার	লোকসান		লোকসান
সাভার রিফ্র্যাক্টরিজ	লোকসান		লোকসান
শাইনপুকুর সিরামিকস	লোকসান		লোকসান
সিমটেক্স ইন্ডাস্ট্রিজ	লোকসান		লোকসান
সোনালী আঁশ	লোকসান		লোকসান
স্ট্যান্ডার্ড সিরামিক	লোকসান		লোকসান
স্টাইল ক্রাফট	লোকসান		লোকসান
তাল্লু স্পিনিং	লোকসান		লোকসান
তুং হাই নিটিং	লোকসান		লোকসান
ইউনিয়ন ক্যাপিটাল	লোকসান		লোকসান
ইউনাইটেড এয়ারওয়েজ	লোকসান		লোকসান
উসমানিয়া গ্লাস	লোকসান		লোকসান
উত্তরা ফাইন্যান্স	লোকসান		লোকসান
ওয়েস্টার্ন মেরিন	লোকসান		লোকসান
ইয়াকিন পলিমার	লোকসান		লোকসান
জাহিন স্পিনিং	লোকসান		লোকসান
জাহিনটেক্স	লোকসান		লোকসান
জিল বাংলা সুগার	লোকসান		লোকসান
জুট স্পিনার্স	লোকসান		লোকসান
ফারইস্ট লাইফ	লোকসান		লোকসান
ফনিক্স ফাইন্যান্স	লোকসান		লোকসান
প্রাইম ফাইন্যান্স	লোকসান		লোকসান
বিআইএফসি	লোকসান		লোকসান
পিপলস ইন্স্যুরেন্স	লোকসান		লোকসান
সোনালী পেপার	লোকসান		লোকসান
স্ট্যান্ডার্ড গ্রুপ	লোকসান		লোকসান
তসরিফা ইন্ডাস্ট্রিজ	লোকসান		লোকসান
ইউনাইটেড ইন্স্যুরেন্স	লোকসান		লোকসান
ভ্যানগার্ড এএমএল	লোকসান		লোকসান
ওয়াটা কেমিক্যাল	লোকসান		লোকসান
রূপালী লাইফ	লোকসান		লোকসান
সন্ধানী লাইফ	লোকসান		লোকসান
সানলাইফ ইন্স্যুরেন্স	লোকসান		লোকসান
সিঙ্গার বাংলাদেশ	লোকসান		লোকসান
সামিট অ্যালায়েন্স	লোকসান		লোকসান
তাকাফুল ইন্স্যুরেন্স	লোকসান		লোকসান
টিটাস গ্যাস	লোকসান		লোকসান
ইউনিলিভার	লোকসান		লোকসান
উত্তরা ব্যাংক	লোকসান		লোকসান
ওয়ালটন হাইটেক	লোকসান		লোকসান
জেনেক্স ইনফোসিস	লোকসান		লোকসান
খুলনা পাওয়ার	লোকসান		লোকসান
মালেক স্পিনিং	লোকসান		লোকসান
নাভানা সিএনজি	লোকসান		লোকসান
অরিয়ন ফার্মা	লোকসান		লোকসান
প্যারামাউন্ট টেক্সটাইল	লোকসান		লোকসান
রংপুর ডেইরি	লোকসান		লোকসান
সায়হাম কটন	লোকসান		লোকসান
শার্প ইন্ডাস্ট্রিজ	লোকসান		লোকসান
সোনারগাঁও টেক্সটাইল	লোকসান		লোকসান
স্ট্যান্ডার্ড ব্যাংক	লোকসান		লোকসান
সামিট পাওয়ার	লোকসান		লোকসান
তাল্লু স্পিনিং	লোকসান		লোকসান
ট্রাস্ট ব্যাংক	লোকসান		লোকসান
ইউনিয়ন ইন্স্যুরেন্স	লোকসান		লোকসান
কোম্পানির নাম	অনিরীক্ষিত হিসাব
(সদ্যন প্রক্রিয়া অনুযায়ী)		নিরীক্ষিত হিসাব
(বীমকৃত অনুযায়ী)

	পিই ১
(Basic)	পিই ২
(Diluted)	পিই ৫
চলনবিল ব্রেড	লোকসান		৮.১৮
এসবিএসি ব্যাংক	লোকসান		১৬.৫
এনসিসি ব্যাংক	লোকসান		লোকসান
এসিআই লিমিটেড	লোকসান		লোকসান
এসিআই ফরমুলেশন	লোকসান		৬৯.৩২
অ্যাপেক্স স্পিনিং	লোকসান		লোকসান
আমান ফিড	লোকসান		লোকসান
আনোয়ার গ্যালভা	লোকসান		৫৯.৩৬
আজিজ পাইপস	লোকসান		লোকসান
আরামিট লিমিটেড	লোকসান		লোকসান
বাটা সু	লোকসান		লোকসান
বার্জার পেইন্টস	লোকসান		লোকসান
বিএটিবিসি	লোকসান		লোকসান
বিডি ল্যাম্পস	লোকসান		লোকসান
বিএসআরএম স্টিল	লোকসান		লোকসান
চার্টার্ড লাইফ	লোকসান		লোকসান
ক্রাউন সিমেন্ট	লোকসান		লোকসান
সিটি ব্যাংক	লোকসান		লোকসান
কনফিডেন্স সিমেন্ট	লোকসান		লোকসান
কপারটেক ইন্ডাস্ট্রিজ	লোকসান		লোকসান
ডিবিএইচ ফাইন্যান্স	লোকসান		লোকসান
দেশবন্ধু পলিমার	লোকসান		লোকসান
ঢাকা ব্যাংক	লোকসান		লোকসান
ডরিন পাওয়ার	লোকসান		লোকসান
ইস্টার্ন ব্যাংক	লোকসান		লোকসান
ইস্টার্ন হাউজিং	লোকসান		লোকসান
এক্সিম ব্যাংক	লোকসান		লোকসান
ফার কেমিক্যাল	লোকসান		লোকসান
ফাইন ফুডস	লোকসান		লোকসান
জিবিবি পাওয়ার	লোকসান		লোকসান
জেমিনি সি ফুড	৩৩৬৭.১৭		৩৩৬৭.৪১
গোল্ডেন হার্ভেস্ট	৬০৯.৮৬		৫০৮.৩০
গ্রামীণফোন	৩০০.৫৬		২৯১.৫০
গ্রিন ডেল্টা ইন্স্যুরেন্স	৩০৫.৩		১৪০.৭৪
হাইডেলবার্গ সিমেন্ট	১০৫.২		৮৬.৪
হামিদ ফেব্রিক্স	লোকসান		লোকসান
হাক্কানি পাল্প	২৭১.১৪		২৩০.৫০
ইফাদ অটোস	৫৫.৭৫		৪৫.৫৫
আইডিএলসি	৮৯.৫১		১৫.৯২
ইন্দো-বাংলা ফার্মা	২০৭.৭৪		২২০০.৭১
ইনটেক অনলাইন	১০৬.১৩		৯৯.১৭
ইসলামী ব্যাংক	১৩০.৫০		লোকসান
যমুনা অয়েল	১৬৩.৩০		১৫৯.১
কে অ্যান্ড কিউ	১৫০.৩৫		১৪৪.৭৭
কহিনূর কেমিক্যাল	১৫৩.২০		১৩৫.১৫
লাফার্জহোলসিম	৭৪.৯০		৬২.৪১
লিন্ডে বিডি	৯৭.৫১		৮৫.৬৮
মালেক স্পিনিং	৬২.৮৫		৫৮.৬১
ম্যারিকো বাংলাদেশ	৮০.১০		৭৯.৮৩
মেঘনা সিমেন্ট	৭৭.১১		৬৫.৮৮
মির আক্তার	৬২.৩৫		৫৯.৩৬
মুন্নু সিরামিক	৮৩.০০		৭৪.৫০
মুন্নু এগ্রো	৯১.৩২		৮৩.৫৫
ন্যাশনাল টিউবস	৭০.৭১		৬৫.৩২
নাভানা ফার্মা	৮০.৫৫		৭২.৬২
অলিম্পিক ইন্ডাস্ট্রিজ	৬৪.৭০		৫৮.৩২
অরিয়ন ইনফিউশন	৮১.০০		৭২.৯০
পদ্মা অয়েল	৫০.৩০		৪৫.৩২
ফার্মা এইডস	৮৫.৭০		৭৩.৫৬
প্রভাতী ইন্স্যুরেন্স	৬৮.৫৫		৬২.৩৫
দ্রষ্টব্য ১ : সর্বশেষ সমাপ্ত আর্থিক প্রতিবেদনের ভিত্তিতে Basic EPS (সদ্যন প্রক্রিয়া) অনুযায়ী পিই রেশিও নির্ণয় করা হয়েছে।
দ্রষ্টব্য ২ : সর্বশেষ প্রকাশিত অনুমোদিত সর্বশেষ নিরীক্ষিত হিসাবের Diluted EPS এবং Basic EPS (সদ্যন প্রক্রিয়া) অনুযায়ী পিই রেশিও নির্ণয় করা হয়েছে।
